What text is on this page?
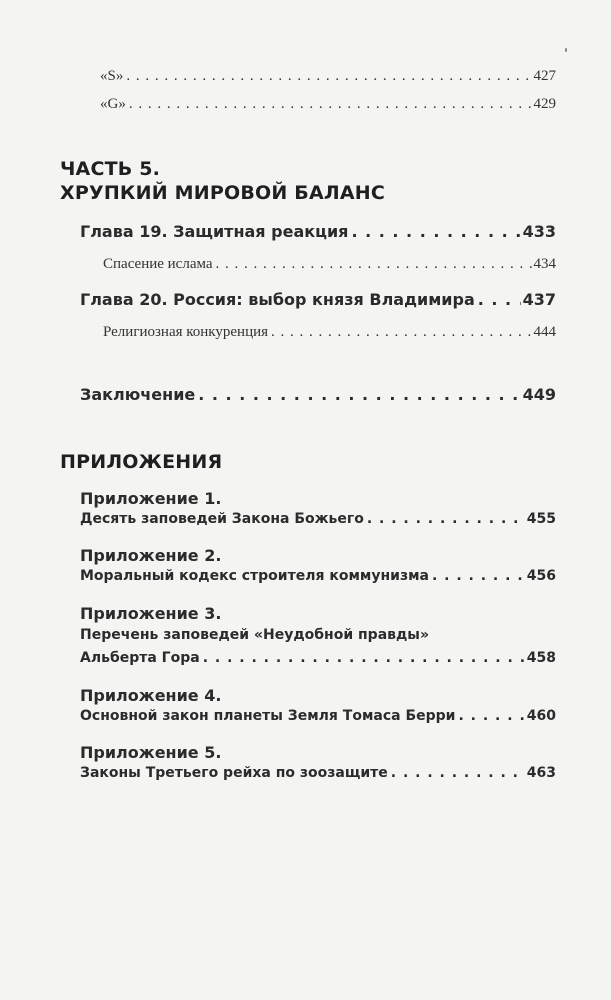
«S» . . .	427
«G» . . .	429
ЧАСТЬ 5.
ХРУПКИЙ МИРОВОЙ БАЛАНС
Глава 19. Защитная реакция . . .	433
Спасение ислама . . .	434
Глава 20. Россия: выбор князя Владимира . . .	437
Религиозная конкуренция . . .	444
Заключение . . .	449
ПРИЛОЖЕНИЯ
Приложение 1.
Десять заповедей Закона Божьего . . .	455
Приложение 2.
Моральный кодекс строителя коммунизма . . .	456
Приложение 3.
Перечень заповедей «Неудобной правды»
Альберта Гора . . .	458
Приложение 4.
Основной закон планеты Земля Томаса Берри . . .	460
Приложение 5.
Законы Третьего рейха по зоозащите . . .	463
